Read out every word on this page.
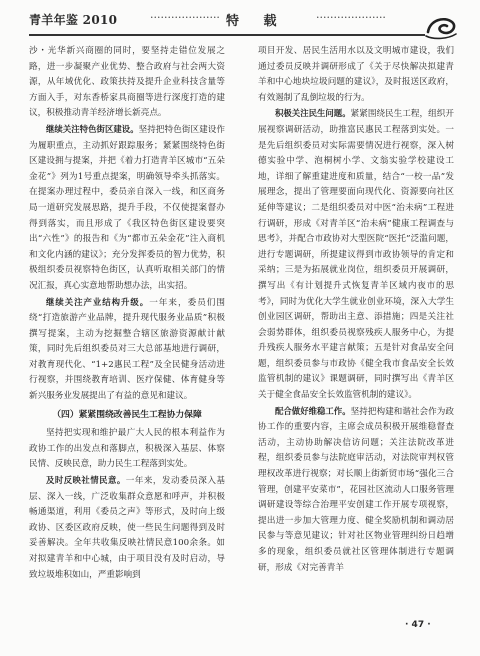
青羊年鉴 2010	···················· 特 载	····················

沙・光华新兴商圈的同时，要坚持走错位发展之路，进一步凝聚产业优势、整合政府与社会两大资源，从年域优化、政策扶持及提升企业科技含量等方面入手，对东香桥家具商圈等进行深度打造的建议，积极推动青羊经济增长新亮点。

继续关注特色街区建设。坚持把特色街区建设作为履职重点，主动抓好跟踪服务；紧紧围绕特色街区建设拥与提案，并把《着力打造青羊区城市“五朵金花”》列为1号重点提案，明确领导牵头抓落实。在提案办理过程中，委员亲自深入一线，和区商务局一道研究发展思路，提升手段，不仅使提案督办得到落实，而且形成了《我区特色街区建设要突出“六性”》的报告和《为“都市五朵金花”注入商机和文化内涵的建议》；充分发挥委员的智力优势，积极组织委员视察特色街区，认真听取相关部门的情况汇报，真心实意地帮助想办法，出实招。

继续关注产业结构升级。一年来，委员们围绕“打造旅游产业品牌，提升现代服务业品质”积极撰写提案，主动为挖掘整合辖区旅游资源献计献策，同时先后组织委员对三大总部基地进行调研，对教育现代化、“1+2惠民工程”及全民健身活动进行视察，并围绕教育培训、医疗保健、体育健身等新兴服务业发展提出了有益的意见和建议。

（四）紧紧围绕改善民生工程协力保障

坚持把实现和维护最广大人民的根本利益作为政协工作的出发点和落脚点，积极深入基层、体察民情、反映民意，助力民生工程落到实处。

及时反映社情民意。一年来，发动委员深入基层、深入一线，广泛收集群众意愿和呼声，并积极畅通渠道，利用《委员之声》等形式，及时向上级政协、区委区政府反映，使一些民生问题得到及时妥善解决。全年共收集反映社情民意100余条。如对拟建青羊和中心城，由于项目没有及时启动，导致垃圾堆积如山，严重影响到

项目开发、居民生活用水以及文明城市建设，我们通过委员反映并调研形成了《关于尽快解决拟建青羊和中心地块垃圾问题的建议》，及时报送区政府，有效遏制了乱倒垃圾的行为。

积极关注民生问题。紧紧围绕民生工程，组织开展视察调研活动，助推富民惠民工程落到实处。一是先后组织委员对实际需要情况进行视察，深入树德实验中学、泡桐树小学、文翁实验学校建设工地，详细了解重建进度和质量，结合“一校一品”发展理念，提出了管理要面向现代化、资源要向社区延伸等建议；二是组织委员对中医“治未病”工程进行调研，形成《对青羊区“治未病”健康工程调查与思考》，并配合市政协对大型医院“医托”泛滥问题，进行专题调研，所提建议得到市政协领导的肯定和采纳；三是为拓展就业岗位，组织委员开展调研，撰写出《有计划提升式恢复青羊区域内夜市的思考》，同时为优化大学生就业创业环境，深入大学生创业园区调研，帮助出主意、添措施；四是关注社会弱势群体，组织委员视察残疾人服务中心，为提升残疾人服务水平建言献策；五是针对食品安全问题，组织委员参与市政协《健全我市食品安全长效监管机制的建议》课题调研，同时撰写出《青羊区关于健全食品安全长效监管机制的建议》。

配合做好维稳工作。坚持把构建和谐社会作为政协工作的重要内容，主席会成员积极开展维稳督查活动，主动协助解决信访问题；关注法院改革进程，组织委员参与法院庭审活动，对法院审判权管理权改革进行视察；对长顺上街新贸市场“强化三合管理，创建平安菜市”，花园社区流动人口服务管理调研建设等综合治理平安创建工作开展专项视察，提出进一步加大管理力度、健全奖励机制和调动居民参与等意见建议；针对社区物业管理纠纷日趋增多的现象，组织委员就社区管理体制进行专题调研，形成《对完善青羊

· 47 ·
